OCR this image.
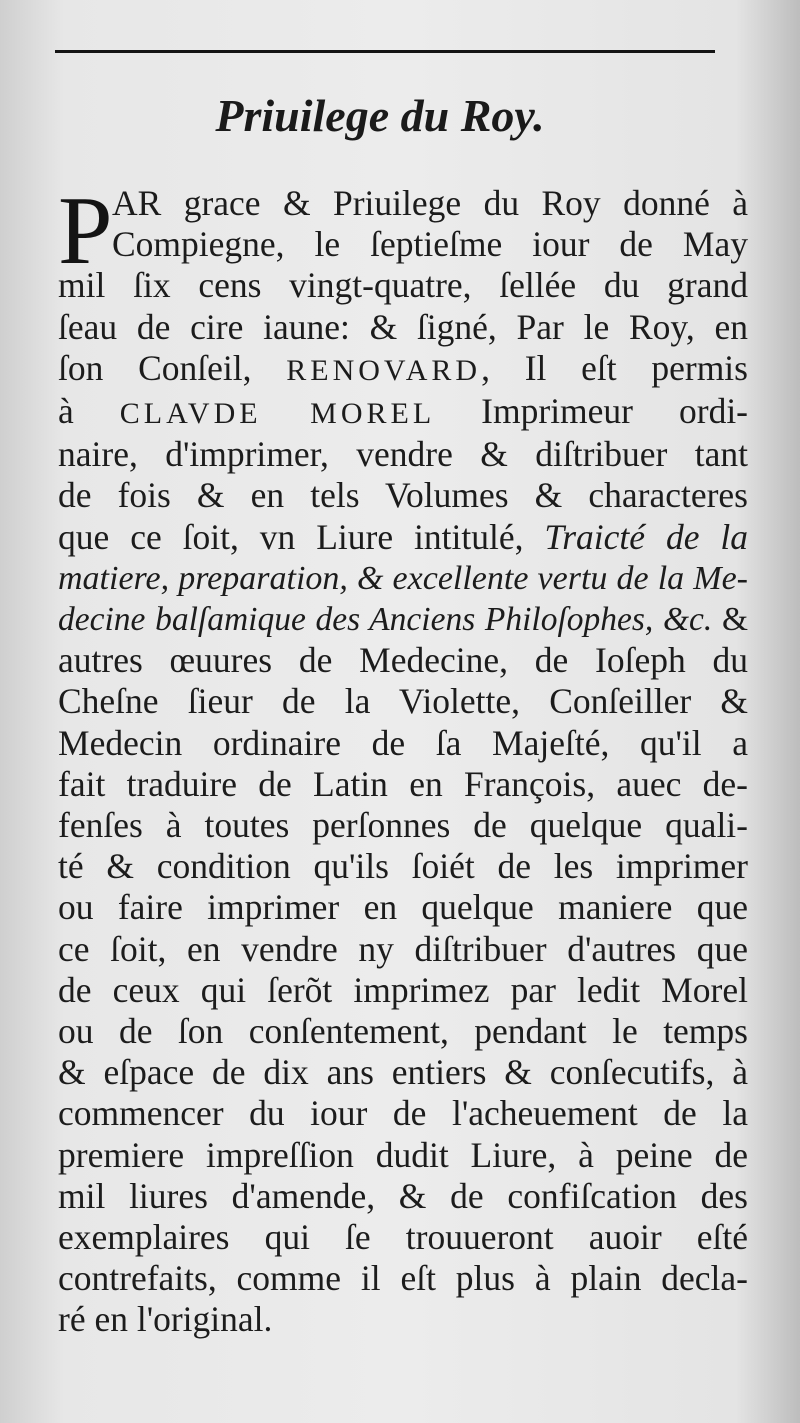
Priuilege du Roy.
P AR grace & Priuilege du Roy donné à
Compiegne, le ſeptieſme iour de May
mil ſix cens vingt-quatre, ſellée du grand
ſeau de cire iaune: & ſigné, Par le Roy, en
ſon Conſeil, RENOVARD, Il eſt permis
à CLAVDE MOREL Imprimeur ordi-
naire, d'imprimer, vendre & diſtribuer tant
de fois & en tels Volumes & characteres
que ce ſoit, vn Liure intitulé, Traicté de la
matiere, preparation, & excellente vertu de la Me-
decine balſamique des Anciens Philoſophes, &c. &
autres œuures de Medecine, de Ioſeph du
Cheſne ſieur de la Violette, Conſeiller &
Medecin ordinaire de ſa Majeſté, qu'il a
fait traduire de Latin en François, auec de-
fenſes à toutes perſonnes de quelque quali-
té & condition qu'ils ſoiét de les imprimer
ou faire imprimer en quelque maniere que
ce ſoit, en vendre ny diſtribuer d'autres que
de ceux qui ſerõt imprimez par ledit Morel
ou de ſon conſentement, pendant le temps
& eſpace de dix ans entiers & conſecutifs, à
commencer du iour de l'acheuement de la
premiere impreſſion dudit Liure, à peine de
mil liures d'amende, & de confiſcation des
exemplaires qui ſe trouueront auoir eſté
contrefaits, comme il eſt plus à plain decla-
ré en l'original.
